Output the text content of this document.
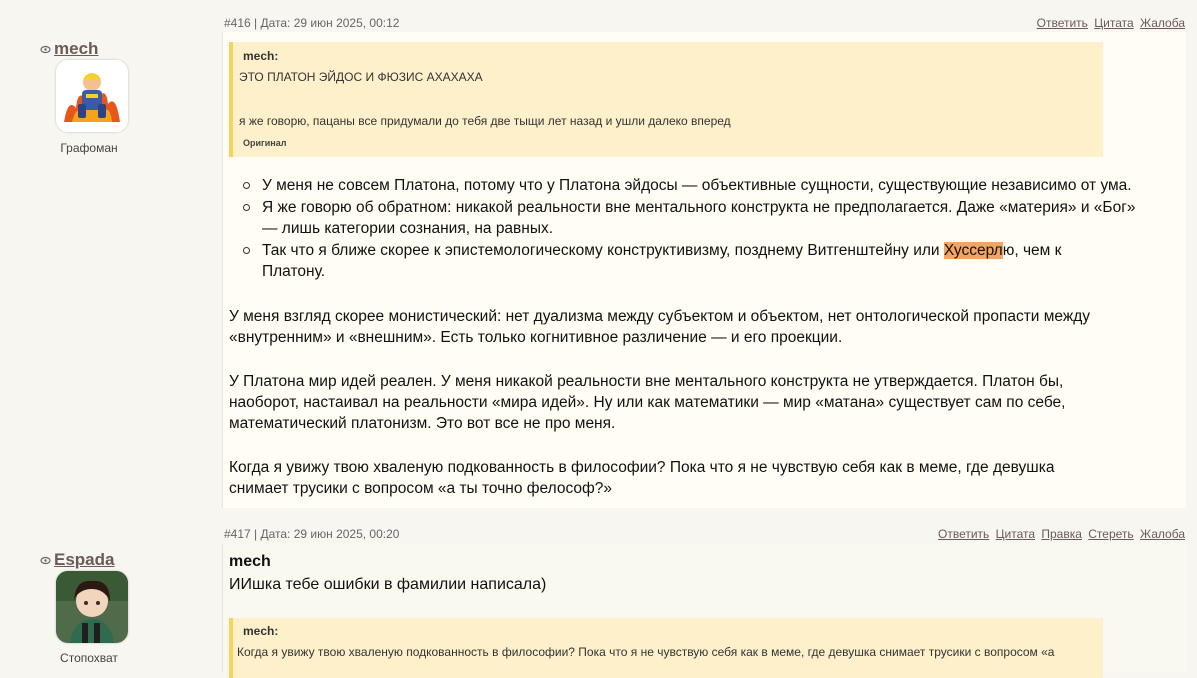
#416 | Дата: 29 июн 2025, 00:12	Ответить Цитата Жалоба
mech
Графоман
mech:
ЭТО ПЛАТОН ЭЙДОС И ФЮЗИС АХАХАХА
я же говорю, пацаны все придумали до тебя две тыщи лет назад и ушли далеко вперед
Оригинал
У меня не совсем Платона, потому что у Платона эйдосы — объективные сущности, существующие независимо от ума.
Я же говорю об обратном: никакой реальности вне ментального конструкта не предполагается. Даже «материя» и «Бог»
— лишь категории сознания, на равных.
Так что я ближе скорее к эпистемологическому конструктивизму, позднему Витгенштейну или Хуссерлю, чем к
Платону.
У меня взгляд скорее монистический: нет дуализма между субъектом и объектом, нет онтологической пропасти между
«внутренним» и «внешним». Есть только когнитивное различение — и его проекции.
У Платона мир идей реален. У меня никакой реальности вне ментального конструкта не утверждается. Платон бы,
наоборот, настаивал на реальности «мира идей». Ну или как математики — мир «матана» существует сам по себе,
математический платонизм. Это вот все не про меня.
Когда я увижу твою хваленую подкованность в философии? Пока что я не чувствую себя как в меме, где девушка
снимает трусики с вопросом «а ты точно фелософ?»
#417 | Дата: 29 июн 2025, 00:20	Ответить Цитата Правка Стереть Жалоба
Espada
Стопохват
mech
ИИшка тебе ошибки в фамилии написала)
mech:
Когда я увижу твою хваленую подкованность в философии? Пока что я не чувствую себя как в меме, где девушка снимает трусики с вопросом «а
